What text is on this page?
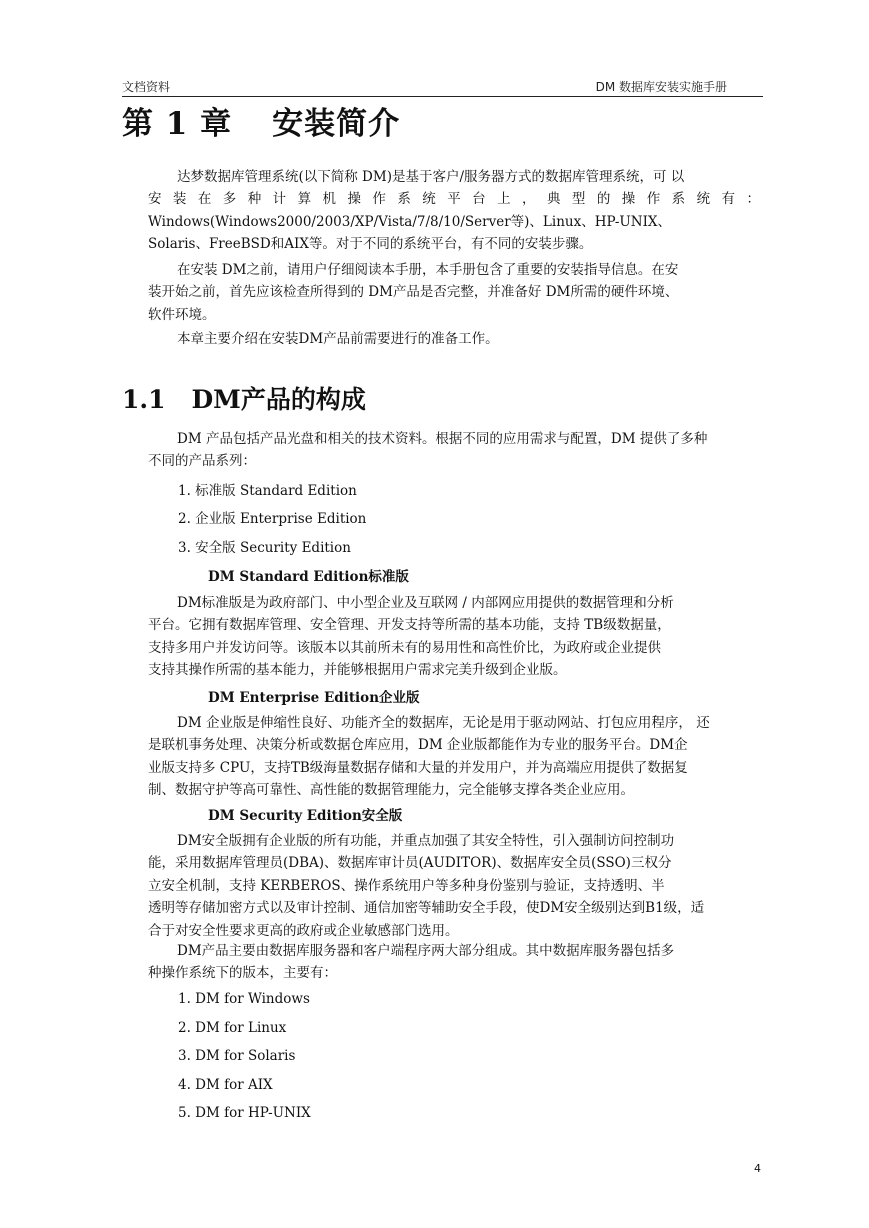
文档资料	DM 数据库安装实施手册
第 1 章 安装简介
达梦数据库管理系统(以下简称 DM)是基于客户/服务器方式的数据库管理系统，可 以
安 装 在 多 种 计 算 机 操 作 系 统 平 台 上 ， 典 型 的 操 作 系 统 有 ：
Windows(Windows2000/2003/XP/Vista/7/8/10/Server等)、Linux、HP-UNIX、
Solaris、FreeBSD和AIX等。对于不同的系统平台，有不同的安装步骤。
在安装 DM之前，请用户仔细阅读本手册，本手册包含了重要的安装指导信息。在安
装开始之前，首先应该检查所得到的 DM产品是否完整，并准备好 DM所需的硬件环境、
软件环境。
本章主要介绍在安装DM产品前需要进行的准备工作。
1.1 DM产品的构成
DM 产品包括产品光盘和相关的技术资料。根据不同的应用需求与配置，DM 提供了多种
不同的产品系列：
1. 标准版 Standard Edition
2. 企业版 Enterprise Edition
3. 安全版 Security Edition
DM Standard Edition标准版
DM标准版是为政府部门、中小型企业及互联网 / 内部网应用提供的数据管理和分析
平台。它拥有数据库管理、安全管理、开发支持等所需的基本功能，支持 TB级数据量，
支持多用户并发访问等。该版本以其前所未有的易用性和高性价比，为政府或企业提供
支持其操作所需的基本能力，并能够根据用户需求完美升级到企业版。
DM Enterprise Edition企业版
DM 企业版是伸缩性良好、功能齐全的数据库，无论是用于驱动网站、打包应用程序， 还
是联机事务处理、决策分析或数据仓库应用，DM 企业版都能作为专业的服务平台。DM企
业版支持多 CPU，支持TB级海量数据存储和大量的并发用户，并为高端应用提供了数据复
制、数据守护等高可靠性、高性能的数据管理能力，完全能够支撑各类企业应用。
DM Security Edition安全版
DM安全版拥有企业版的所有功能，并重点加强了其安全特性，引入强制访问控制功
能，采用数据库管理员(DBA)、数据库审计员(AUDITOR)、数据库安全员(SSO)三权分
立安全机制，支持 KERBEROS、操作系统用户等多种身份鉴别与验证，支持透明、半
透明等存储加密方式以及审计控制、通信加密等辅助安全手段，使DM安全级别达到B1级，适
合于对安全性要求更高的政府或企业敏感部门选用。
DM产品主要由数据库服务器和客户端程序两大部分组成。其中数据库服务器包括多
种操作系统下的版本，主要有：
1. DM for Windows
2. DM for Linux
3. DM for Solaris
4. DM for AIX
5. DM for HP-UNIX
4
